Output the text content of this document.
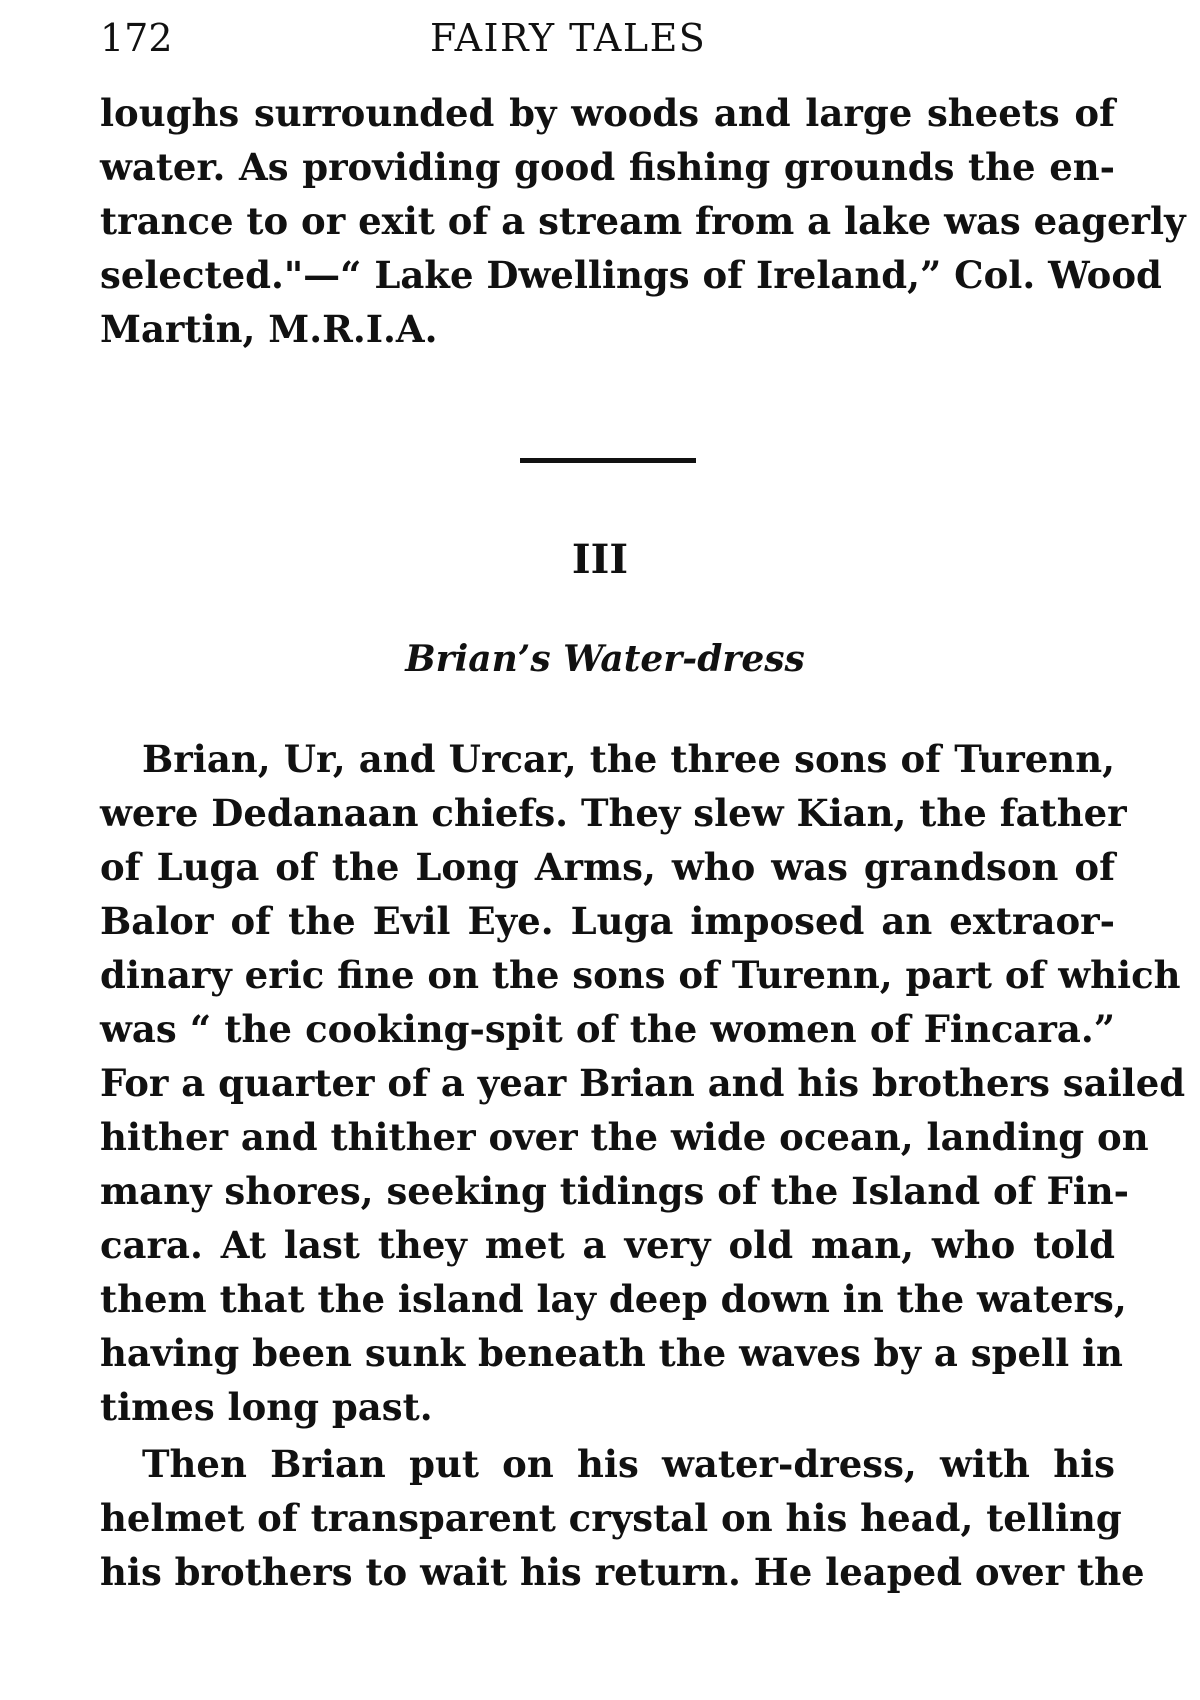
172	FAIRY TALES
loughs surrounded by woods and large sheets of
water. As providing good fishing grounds the en-
trance to or exit of a stream from a lake was eagerly
selected."—“ Lake Dwellings of Ireland,” Col. Wood
Martin, M.R.I.A.
III
Brian’s Water-dress
Brian, Ur, and Urcar, the three sons of Turenn,
were Dedanaan chiefs. They slew Kian, the father
of Luga of the Long Arms, who was grandson of
Balor of the Evil Eye. Luga imposed an extraor-
dinary eric fine on the sons of Turenn, part of which
was “ the cooking-spit of the women of Fincara.”
For a quarter of a year Brian and his brothers sailed
hither and thither over the wide ocean, landing on
many shores, seeking tidings of the Island of Fin-
cara. At last they met a very old man, who told
them that the island lay deep down in the waters,
having been sunk beneath the waves by a spell in
times long past.
Then Brian put on his water-dress, with his
helmet of transparent crystal on his head, telling
his brothers to wait his return. He leaped over the
